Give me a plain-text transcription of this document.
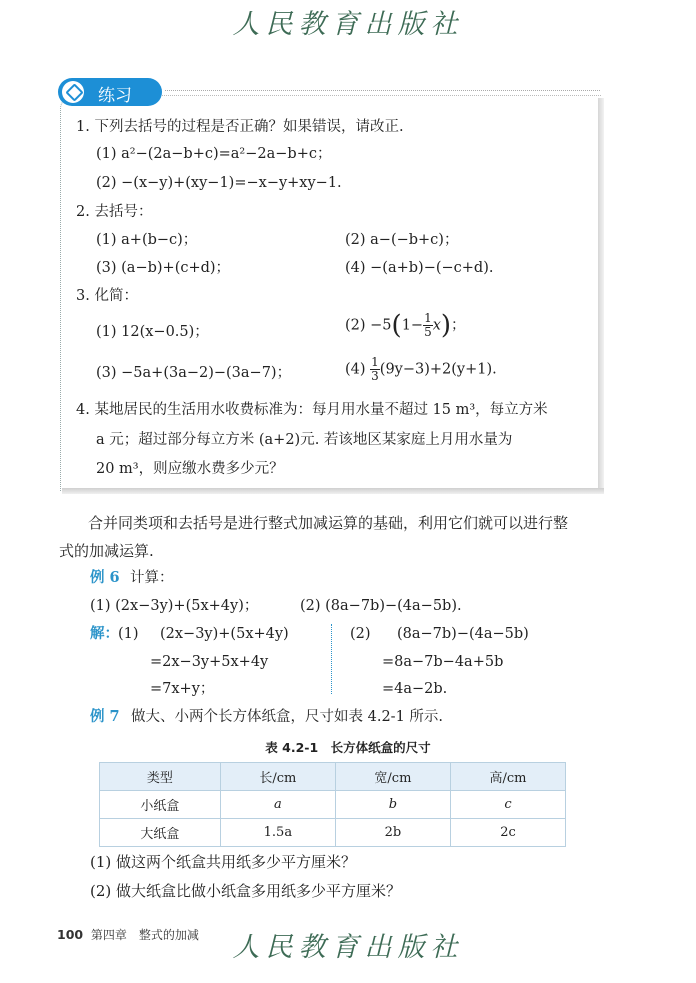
人民教育出版社
练习
1. 下列去括号的过程是否正确？如果错误，请改正.
(1) a²−(2a−b+c)=a²−2a−b+c；
(2) −(x−y)+(xy−1)=−x−y+xy−1.
2. 去括号：
(1) a+(b−c)；	(2) a−(−b+c)；
(3) (a−b)+(c+d)；	(4) −(a+b)−(−c+d).
3. 化简：
(1) 12(x−0.5)；	$(2) -5(1- \frac{1}{5} x)$；
(3) −5a+(3a−2)−(3a−7)；	$(4) \frac{1}{3} (9y-3)+2(y+1)$.
4. 某地居民的生活用水收费标准为：每月用水量不超过 15 m³，每立方米
a 元；超过部分每立方米 (a+2)元. 若该地区某家庭上月用水量为
20 m³，则应缴水费多少元？
合并同类项和去括号是进行整式加减运算的基础，利用它们就可以进行整
式的加减运算.
例 6 计算：
(1) (2x−3y)+(5x+4y)；	(2) (8a−7b)−(4a−5b).
解： (1) (2x−3y)+(5x+4y)
=2x−3y+5x+4y
=7x+y；
(2) (8a−7b)−(4a−5b)
=8a−7b−4a+5b
=4a−2b.
例 7 做大、小两个长方体纸盒，尺寸如表 4.2-1 所示.
表 4.2-1　长方体纸盒的尺寸
类型	长/cm	宽/cm	高/cm
小纸盒	a	b	c
大纸盒	1.5a	2b	2c
(1) 做这两个纸盒共用纸多少平方厘米？
(2) 做大纸盒比做小纸盒多用纸多少平方厘米？
100 第四章　整式的加减	人民教育出版社
